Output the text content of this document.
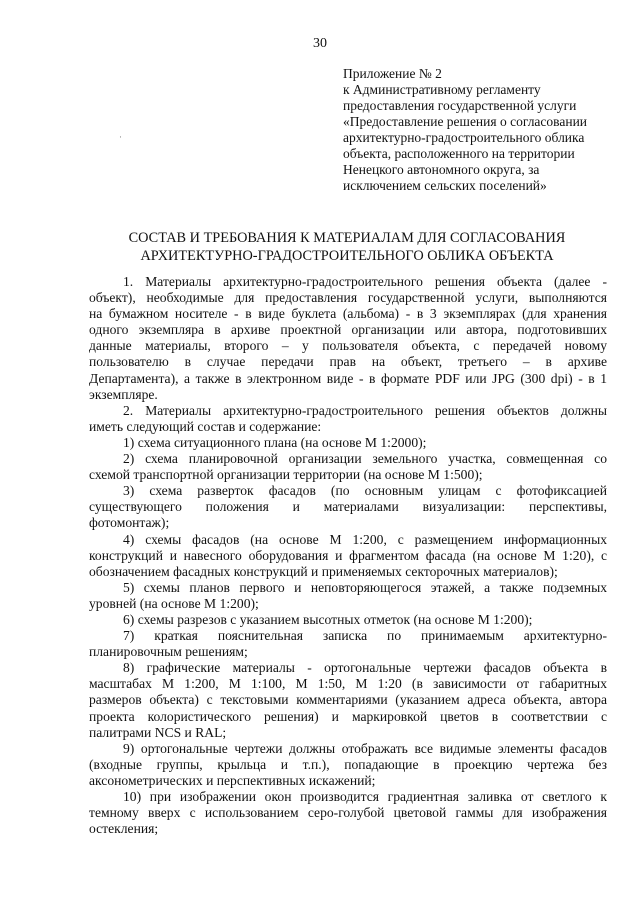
30
Приложение № 2
к Административному регламенту
предоставления государственной услуги
«Предоставление решения о согласовании
архитектурно-градостроительного облика
объекта, расположенного на территории
Ненецкого автономного округа, за
исключением сельских поселений»
·
СОСТАВ И ТРЕБОВАНИЯ К МАТЕРИАЛАМ ДЛЯ СОГЛАСОВАНИЯ
АРХИТЕКТУРНО-ГРАДОСТРОИТЕЛЬНОГО ОБЛИКА ОБЪЕКТА
1. Материалы архитектурно-градостроительного решения объекта (далее -
объект), необходимые для предоставления государственной услуги, выполняются
на бумажном носителе - в виде буклета (альбома) - в 3 экземплярах (для хранения
одного экземпляра в архиве проектной организации или автора, подготовивших
данные материалы, второго – у пользователя объекта, с передачей новому
пользователю в случае передачи прав на объект, третьего – в архиве
Департамента), а также в электронном виде - в формате PDF или JPG (300 dpi) - в 1
экземпляре.
2. Материалы архитектурно-градостроительного решения объектов должны
иметь следующий состав и содержание:
1) схема ситуационного плана (на основе М 1:2000);
2) схема планировочной организации земельного участка, совмещенная со
схемой транспортной организации территории (на основе М 1:500);
3) схема разверток фасадов (по основным улицам с фотофиксацией
существующего положения и материалами визуализации: перспективы,
фотомонтаж);
4) схемы фасадов (на основе М 1:200, с размещением информационных
конструкций и навесного оборудования и фрагментом фасада (на основе М 1:20), с
обозначением фасадных конструкций и применяемых секторочных материалов);
5) схемы планов первого и неповторяющегося этажей, а также подземных
уровней (на основе М 1:200);
6) схемы разрезов с указанием высотных отметок (на основе М 1:200);
7) краткая пояснительная записка по принимаемым архитектурно-
планировочным решениям;
8) графические материалы - ортогональные чертежи фасадов объекта в
масштабах М 1:200, М 1:100, М 1:50, М 1:20 (в зависимости от габаритных
размеров объекта) с текстовыми комментариями (указанием адреса объекта, автора
проекта колористического решения) и маркировкой цветов в соответствии с
палитрами NCS и RAL;
9) ортогональные чертежи должны отображать все видимые элементы фасадов
(входные группы, крыльца и т.п.), попадающие в проекцию чертежа без
аксонометрических и перспективных искажений;
10) при изображении окон производится градиентная заливка от светлого к
темному вверх с использованием серо-голубой цветовой гаммы для изображения
остекления;
